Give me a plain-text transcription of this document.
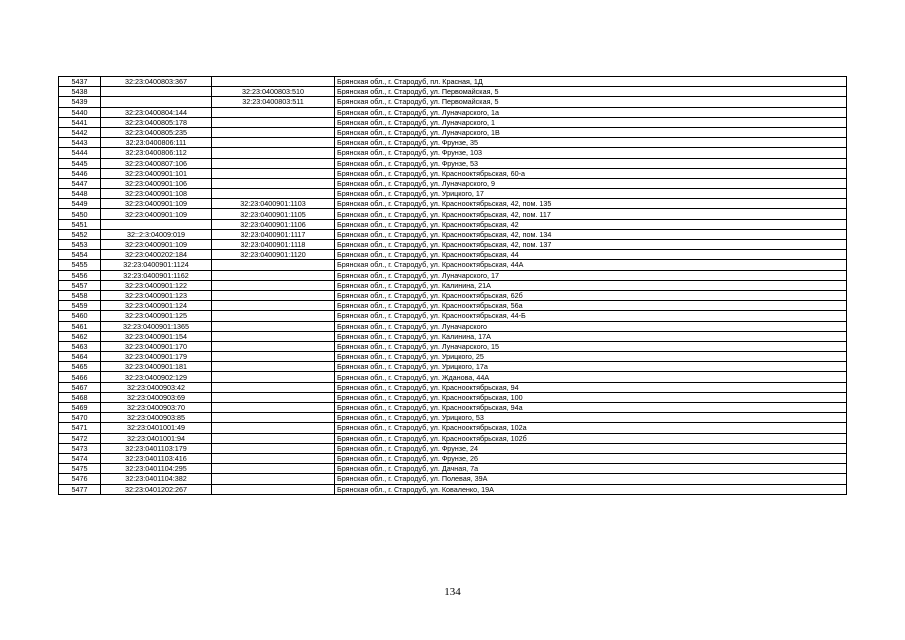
5437	32:23:0400803:367		Брянская обл., г. Стародуб, пл. Красная, 1Д
5438		32:23:0400803:510	Брянская обл., г. Стародуб, ул. Первомайская, 5
5439		32:23:0400803:511	Брянская обл., г. Стародуб, ул. Первомайская, 5
5440	32:23:0400804:144		Брянская обл., г. Стародуб, ул. Луначарского, 1а
5441	32:23:0400805:178		Брянская обл., г. Стародуб, ул. Луначарского, 1
5442	32:23:0400805:235		Брянская обл., г. Стародуб, ул. Луначарского, 1В
5443	32:23:0400806:111		Брянская обл., г. Стародуб, ул. Фрунзе, 35
5444	32:23:0400806:112		Брянская обл., г. Стародуб, ул. Фрунзе, 103
5445	32:23:0400807:106		Брянская обл., г. Стародуб, ул. Фрунзе, 53
5446	32:23:0400901:101		Брянская обл., г. Стародуб, ул. Краснооктябрьская, 60-а
5447	32:23:0400901:106		Брянская обл., г. Стародуб, ул. Луначарского, 9
5448	32:23:0400901:108		Брянская обл., г. Стародуб, ул. Урицкого, 17
5449	32:23:0400901:109	32:23:0400901:1103	Брянская обл., г. Стародуб, ул. Краснооктябрьская, 42, пом. 135
5450	32:23:0400901:109	32:23:0400901:1105	Брянская обл., г. Стародуб, ул. Краснооктябрьская, 42, пом. 117
5451		32:23:0400901:1106	Брянская обл., г. Стародуб, ул. Краснооктябрьская, 42
5452	32::2:3:04009:019	32:23:0400901:1117	Брянская обл., г. Стародуб, ул. Краснооктябрьская, 42, пом. 134
5453	32:23:0400901:109	32:23:0400901:1118	Брянская обл., г. Стародуб, ул. Краснооктябрьская, 42, пом. 137
5454	32:23:0400202:184	32:23:0400901:1120	Брянская обл., г. Стародуб, ул. Краснооктябрьская, 44
5455	32:23:0400901:1124		Брянская обл., г. Стародуб, ул. Краснооктябрьская, 44А
5456	32:23:0400901:1162		Брянская обл., г. Стародуб, ул. Луначарского, 17
5457	32:23:0400901:122		Брянская обл., г. Стародуб, ул. Калинина, 21А
5458	32:23:0400901:123		Брянская обл., г. Стародуб, ул. Краснооктябрьская, 62б
5459	32:23:0400901:124		Брянская обл., г. Стародуб, ул. Краснооктябрьская, 56а
5460	32:23:0400901:125		Брянская обл., г. Стародуб, ул. Краснооктябрьская, 44-Б
5461	32:23:0400901:1365		Брянская обл., г. Стародуб, ул. Луначарского
5462	32:23:0400901:154		Брянская обл., г. Стародуб, ул. Калинина, 17А
5463	32:23:0400901:170		Брянская обл., г. Стародуб, ул. Луначарского, 15
5464	32:23:0400901:179		Брянская обл., г. Стародуб, ул. Урицкого, 25
5465	32:23:0400901:181		Брянская обл., г. Стародуб, ул. Урицкого, 17а
5466	32:23:0400902:129		Брянская обл., г. Стародуб, ул. Жданова, 44А
5467	32:23:0400903:42		Брянская обл., г. Стародуб, ул. Краснооктябрьская, 94
5468	32:23:0400903:69		Брянская обл., г. Стародуб, ул. Краснооктябрьская, 100
5469	32:23:0400903:70		Брянская обл., г. Стародуб, ул. Краснооктябрьская, 94а
5470	32:23:0400903:85		Брянская обл., г. Стародуб, ул. Урицкого, 53
5471	32:23:0401001:49		Брянская обл., г. Стародуб, ул. Краснооктябрьская, 102а
5472	32:23:0401001:94		Брянская обл., г. Стародуб, ул. Краснооктябрьская, 102б
5473	32:23:0401103:179		Брянская обл., г. Стародуб, ул. Фрунзе, 24
5474	32:23:0401103:416		Брянская обл., г. Стародуб, ул. Фрунзе, 26
5475	32:23:0401104:295		Брянская обл., г. Стародуб, ул. Дачная, 7а
5476	32:23:0401104:382		Брянская обл., г. Стародуб, ул. Полевая, 39А
5477	32:23:0401202:267		Брянская обл., г. Стародуб, ул. Коваленко, 19А
134
